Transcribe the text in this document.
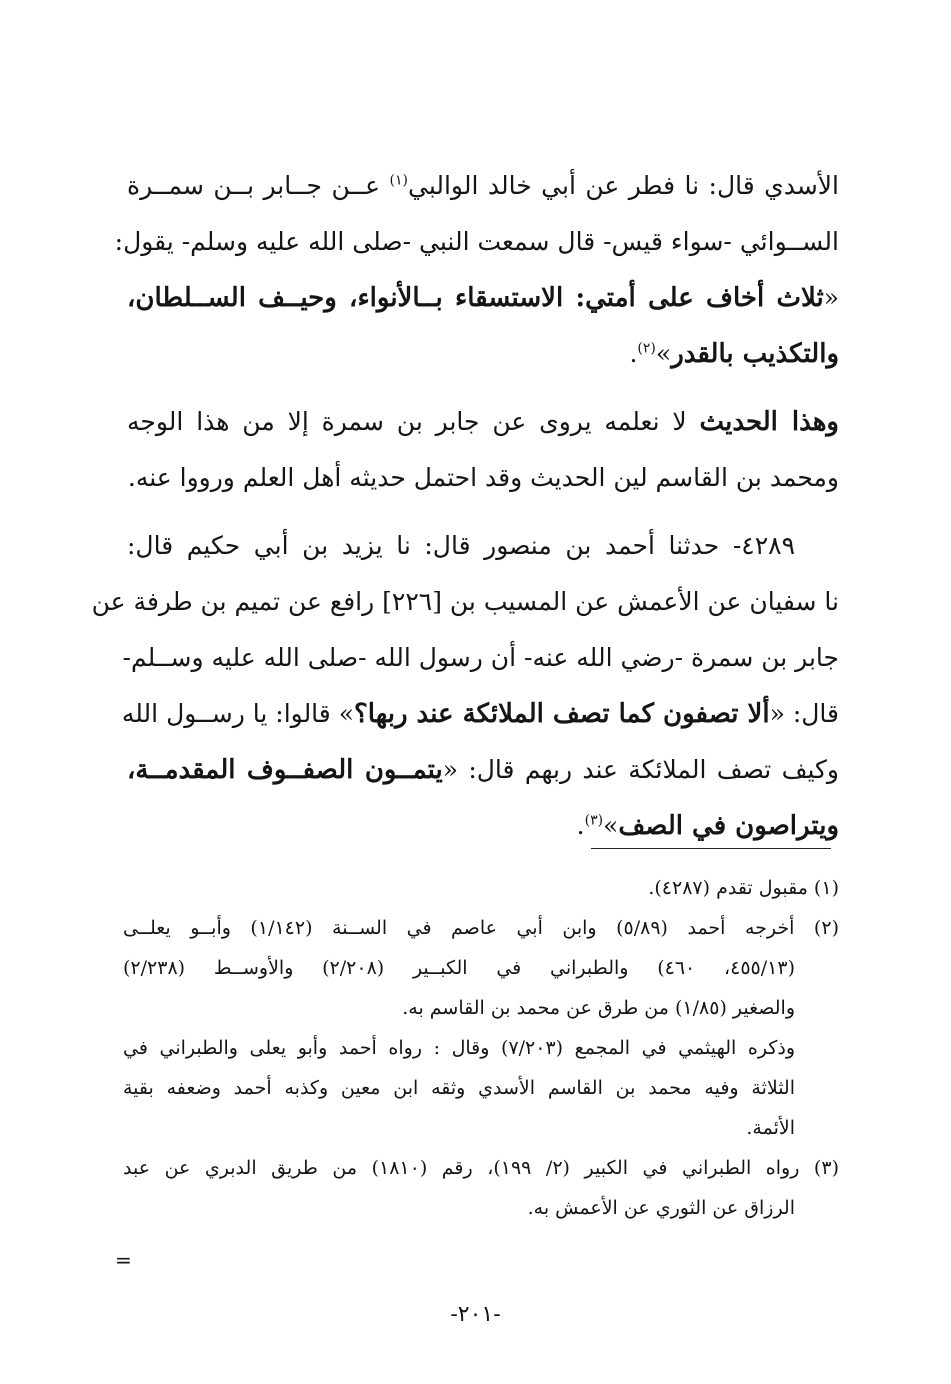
الأسدي قال: نا فطر عن أبي خالد الوالبي$^{(١)}$ عــن جــابر بــن سمــرة
الســوائي -سواء قيس- قال سمعت النبي -صلى الله عليه وسلم- يقول:
«ثلاث أخاف على أمتي: الاستسقاء بــالأنواء، وحيــف الســلطان،
والتكذيب بالقدر»$^{(٢)}$.
وهذا الحديث لا نعلمه يروى عن جابر بن سمرة إلا من هذا الوجه
ومحمد بن القاسم لين الحديث وقد احتمل حديثه أهل العلم ورووا عنه.
٤٢٨٩- حدثنا أحمد بن منصور قال: نا يزيد بن أبي حكيم قال:
نا سفيان عن الأعمش عن المسيب بن [٢٢٦] رافع عن تميم بن طرفة عن
جابر بن سمرة -رضي الله عنه- أن رسول الله -صلى الله عليه وســلم-
قال: «ألا تصفون كما تصف الملائكة عند ربها؟» قالوا: يا رســول الله
وكيف تصف الملائكة عند ربهم قال: «يتمــون الصفــوف المقدمــة،
ويتراصون في الصف»$^{(٣)}$.
(١) مقبول تقدم (٤٢٨٧).
(٢) أخرجه أحمد (٥/٨٩) وابن أبي عاصم في الســنة (١/١٤٢) وأبــو يعلــى
(٤٥٥/١٣، ٤٦٠) والطبراني في الكبــير (٢/٢٠٨) والأوســط (٢/٢٣٨)
والصغير (١/٨٥) من طرق عن محمد بن القاسم به.
وذكره الهيثمي في المجمع (٧/٢٠٣) وقال : رواه أحمد وأبو يعلى والطبراني في
الثلاثة وفيه محمد بن القاسم الأسدي وثقه ابن معين وكذبه أحمد وضعفه بقية
الأئمة.
(٣) رواه الطبراني في الكبير (٢/ ١٩٩)، رقم (١٨١٠) من طريق الدبري عن عبد
الرزاق عن الثوري عن الأعمش به.
=
-٢٠١-
